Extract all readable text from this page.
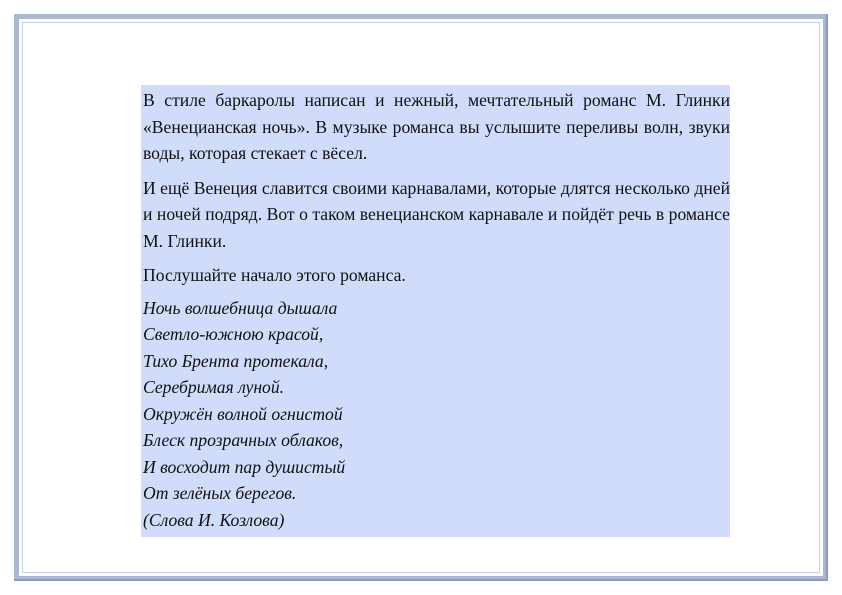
В стиле баркаролы написан и нежный, мечтательный романс М. Глинки «Венецианская ночь». В музыке романса вы услышите переливы волн, звуки воды, которая стекает с вёсел.

И ещё Венеция славится своими карнавалами, которые длятся несколько дней и ночей подряд. Вот о таком венецианском карнавале и пойдёт речь в романсе М. Глинки.

Послушайте начало этого романса.

Ночь волшебница дышала
Светло-южною красой,
Тихо Брента протекала,
Серебримая луной.
Окружён волной огнистой
Блеск прозрачных облаков,
И восходит пар душистый
От зелёных берегов.
(Слова И. Козлова)
